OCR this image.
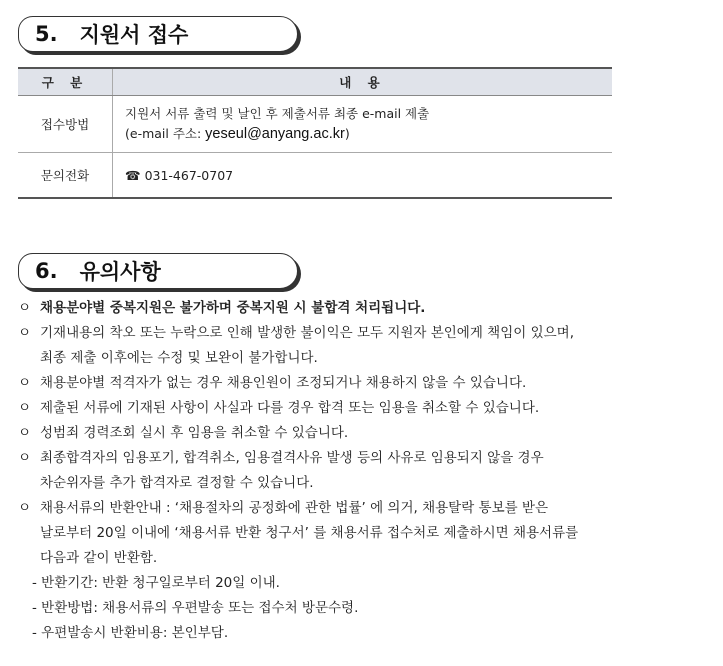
5. 지원서 접수
구 분	내 용
접수방법	지원서 서류 출력 및 날인 후 제출서류 최종 e-mail 제출
(e-mail 주소: yeseul@anyang.ac.kr)

문의전화	☎ 031-467-0707
6. 유의사항
ㅇ 채용분야별 중복지원은 불가하며 중복지원 시 불합격 처리됩니다.
ㅇ 기재내용의 착오 또는 누락으로 인해 발생한 불이익은 모두 지원자 본인에게 책임이 있으며,
최종 제출 이후에는 수정 및 보완이 불가합니다.
ㅇ 채용분야별 적격자가 없는 경우 채용인원이 조정되거나 채용하지 않을 수 있습니다.
ㅇ 제출된 서류에 기재된 사항이 사실과 다를 경우 합격 또는 임용을 취소할 수 있습니다.
ㅇ 성범죄 경력조회 실시 후 임용을 취소할 수 있습니다.
ㅇ 최종합격자의 임용포기, 합격취소, 임용결격사유 발생 등의 사유로 임용되지 않을 경우
차순위자를 추가 합격자로 결정할 수 있습니다.
ㅇ 채용서류의 반환안내 : ‘채용절차의 공정화에 관한 법률’ 에 의거, 채용탈락 통보를 받은
날로부터 20일 이내에 ‘채용서류 반환 청구서’ 를 채용서류 접수처로 제출하시면 채용서류를
다음과 같이 반환함.
- 반환기간: 반환 청구일로부터 20일 이내.
- 반환방법: 채용서류의 우편발송 또는 접수처 방문수령.
- 우편발송시 반환비용: 본인부담.
